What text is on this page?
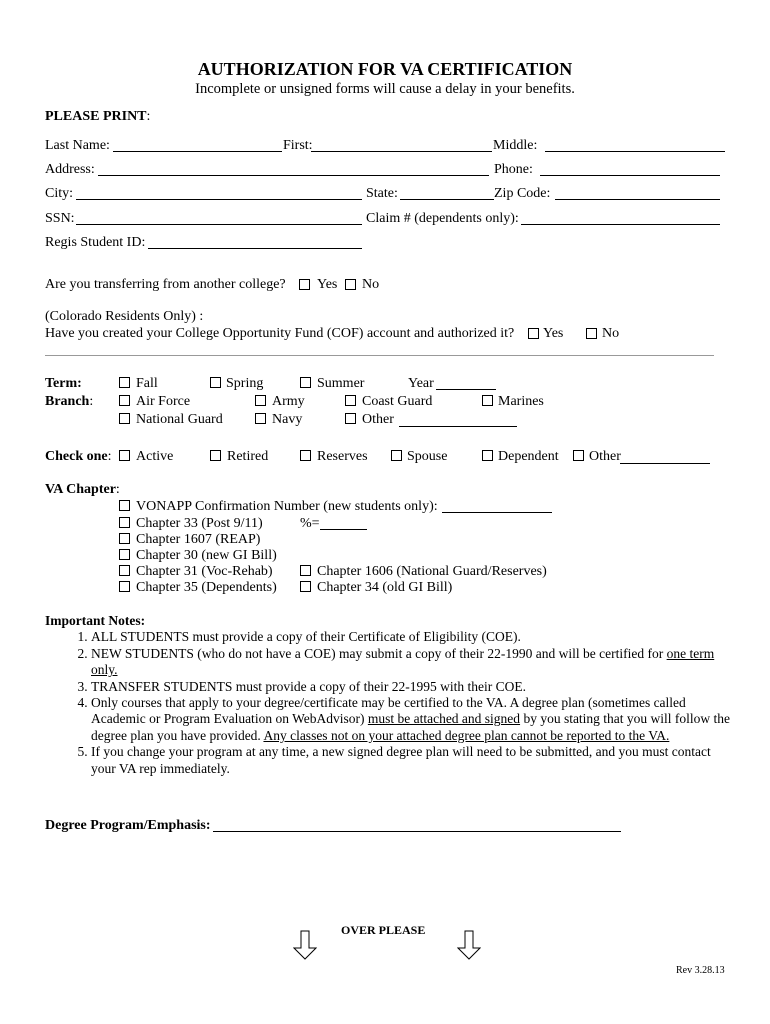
AUTHORIZATION FOR VA CERTIFICATION
Incomplete or unsigned forms will cause a delay in your benefits.
PLEASE PRINT:
Last Name:	First:	Middle:
Address:	Phone:
City:	State:	Zip Code:
SSN:	Claim # (dependents only):
Regis Student ID:
Are you transferring from another college? Yes No
(Colorado Residents Only) :
Have you created your College Opportunity Fund (COF) account and authorized it? Yes	No
Term:	Fall	Spring	Summer	Year
Branch:	Air Force	Army	Coast Guard	Marines
National Guard	Navy	Other
Check one: Active	Retired	Reserves	Spouse	Dependent Other
VA Chapter:
VONAPP Confirmation Number (new students only):
Chapter 33 (Post 9/11)	%=
Chapter 1607 (REAP)
Chapter 30 (new GI Bill)
Chapter 31 (Voc-Rehab)	Chapter 1606 (National Guard/Reserves)
Chapter 35 (Dependents)	Chapter 34 (old GI Bill)
Important Notes:
1. ALL STUDENTS must provide a copy of their Certificate of Eligibility (COE).
2. NEW STUDENTS (who do not have a COE) may submit a copy of their 22-1990 and will be certified for one term only.
3. TRANSFER STUDENTS must provide a copy of their 22-1995 with their COE.
4. Only courses that apply to your degree/certificate may be certified to the VA. A degree plan (sometimes called Academic or Program Evaluation on WebAdvisor) must be attached and signed by you stating that you will follow the degree plan you have provided. Any classes not on your attached degree plan cannot be reported to the VA.
5. If you change your program at any time, a new signed degree plan will need to be submitted, and you must contact your VA rep immediately.
Degree Program/Emphasis:
OVER PLEASE
Rev 3.28.13
